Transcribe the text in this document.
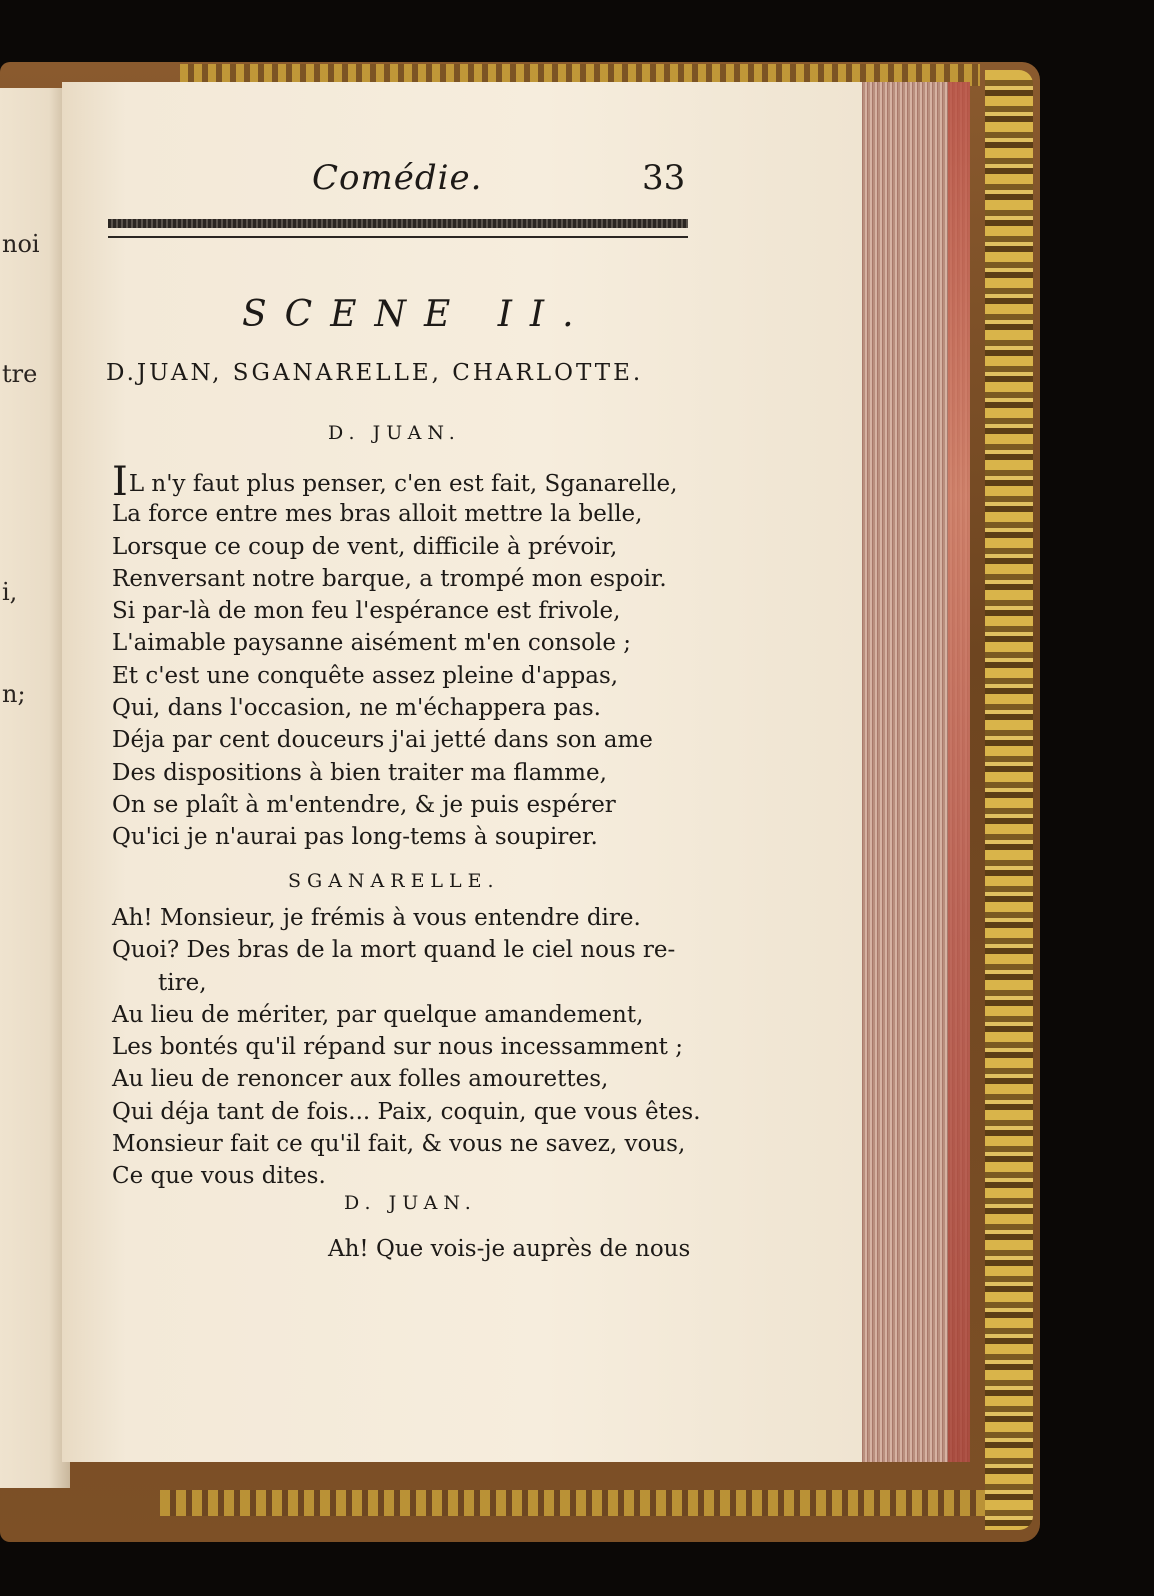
noi
tre
i,
n;
Comédie.	33
SCENE II.
D.JUAN, SGANARELLE, CHARLOTTE.
D. JUAN.
IL n'y faut plus penser, c'en est fait, Sganarelle,
La force entre mes bras alloit mettre la belle,
Lorsque ce coup de vent, difficile à prévoir,
Renversant notre barque, a trompé mon espoir.
Si par-là de mon feu l'espérance est frivole,
L'aimable paysanne aisément m'en console ;
Et c'est une conquête assez pleine d'appas,
Qui, dans l'occasion, ne m'échappera pas.
Déja par cent douceurs j'ai jetté dans son ame
Des dispositions à bien traiter ma flamme,
On se plaît à m'entendre, & je puis espérer
Qu'ici je n'aurai pas long-tems à soupirer.
SGANARELLE.
Ah! Monsieur, je frémis à vous entendre dire.
Quoi? Des bras de la mort quand le ciel nous re-
tire,
Au lieu de mériter, par quelque amandement,
Les bontés qu'il répand sur nous incessamment ;
Au lieu de renoncer aux folles amourettes,
Qui déja tant de fois... Paix, coquin, que vous êtes.
Monsieur fait ce qu'il fait, & vous ne savez, vous,
Ce que vous dites.
D. JUAN.
Ah! Que vois-je auprès de nous
